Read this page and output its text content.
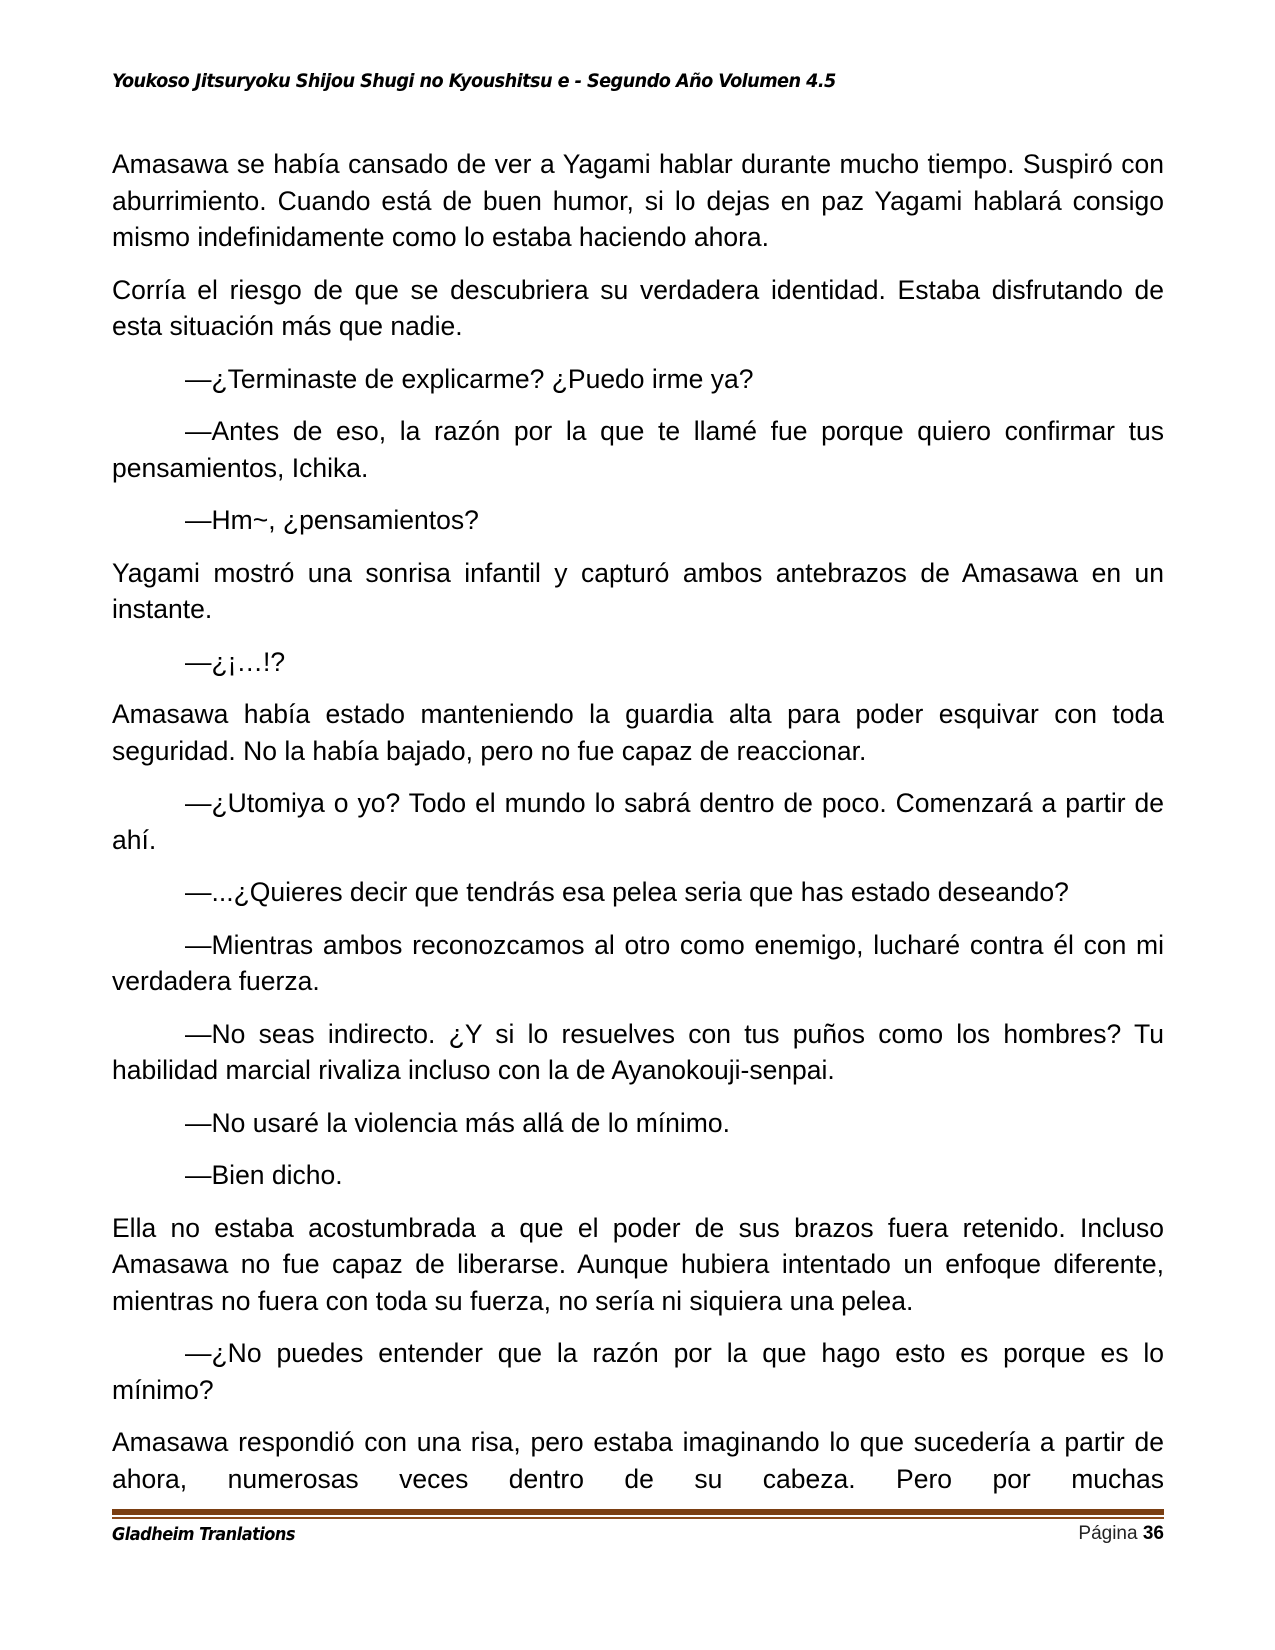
Youkoso Jitsuryoku Shijou Shugi no Kyoushitsu e - Segundo Año Volumen 4.5

Amasawa se había cansado de ver a Yagami hablar durante mucho tiempo. Suspiró con aburrimiento. Cuando está de buen humor, si lo dejas en paz Yagami hablará consigo mismo indefinidamente como lo estaba haciendo ahora.

Corría el riesgo de que se descubriera su verdadera identidad. Estaba disfrutando de esta situación más que nadie.

—¿Terminaste de explicarme? ¿Puedo irme ya?

—Antes de eso, la razón por la que te llamé fue porque quiero confirmar tus pensamientos, Ichika.

—Hm~, ¿pensamientos?

Yagami mostró una sonrisa infantil y capturó ambos antebrazos de Amasawa en un instante.

—¿¡…!?

Amasawa había estado manteniendo la guardia alta para poder esquivar con toda seguridad. No la había bajado, pero no fue capaz de reaccionar.

—¿Utomiya o yo? Todo el mundo lo sabrá dentro de poco. Comenzará a partir de ahí.

—...¿Quieres decir que tendrás esa pelea seria que has estado deseando?

—Mientras ambos reconozcamos al otro como enemigo, lucharé contra él con mi verdadera fuerza.

—No seas indirecto. ¿Y si lo resuelves con tus puños como los hombres? Tu habilidad marcial rivaliza incluso con la de Ayanokouji-senpai.

—No usaré la violencia más allá de lo mínimo.

—Bien dicho.

Ella no estaba acostumbrada a que el poder de sus brazos fuera retenido. Incluso Amasawa no fue capaz de liberarse. Aunque hubiera intentado un enfoque diferente, mientras no fuera con toda su fuerza, no sería ni siquiera una pelea.

—¿No puedes entender que la razón por la que hago esto es porque es lo mínimo?

Amasawa respondió con una risa, pero estaba imaginando lo que sucedería a partir de ahora, numerosas veces dentro de su cabeza. Pero por muchas

Gladheim Tranlations	Página 36
